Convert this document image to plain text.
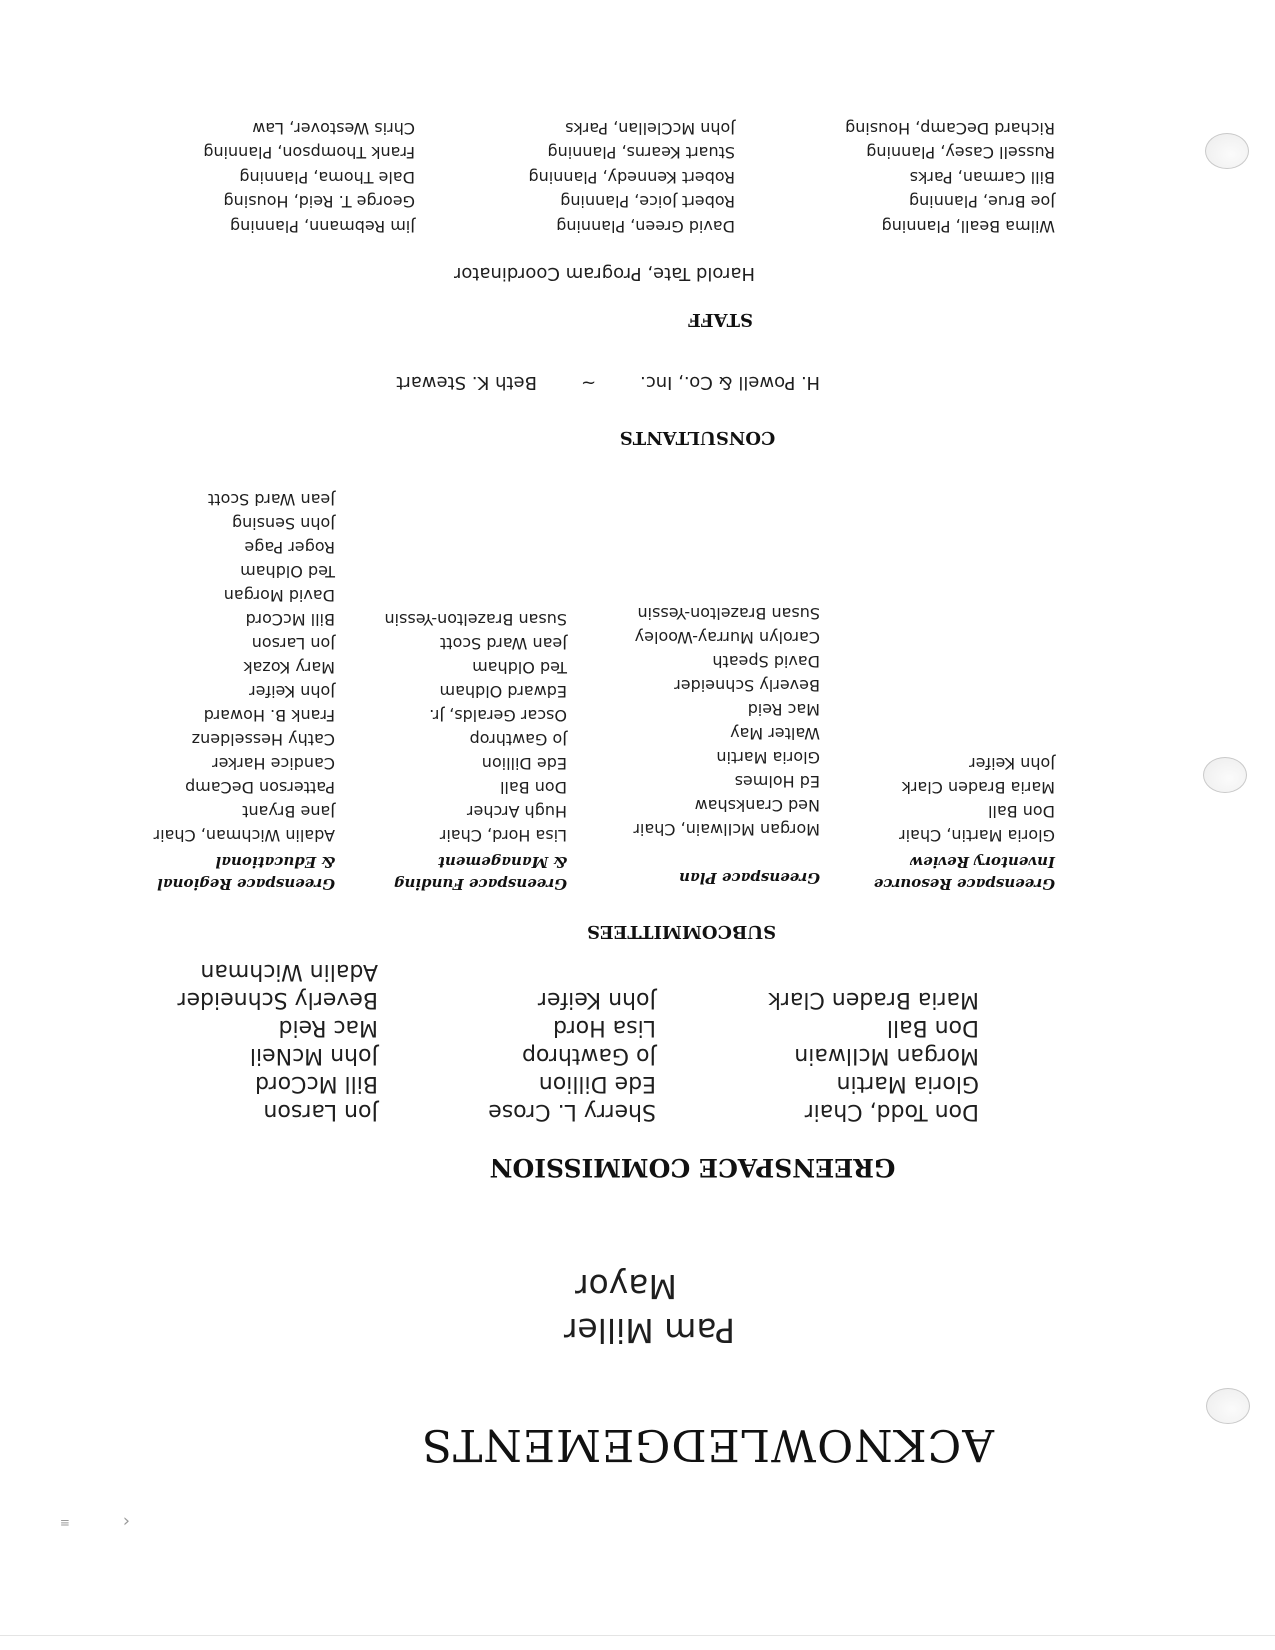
‹
≡
ACKNOWLEDGEMENTS
Pam Miller
Mayor
GREENSPACE COMMISSION
Don Todd, Chair
Gloria Martin
Morgan McIlwain
Don Ball
Maria Braden Clark
Sherry L. Crose
Ede Dillion
Jo Gawthrop
Lisa Hord
John Keifer
Jon Larson
Bill McCord
John McNeil
Mac Reid
Beverly Schneider
Adalin Wichman
SUBCOMMITTEES
Greenspace Resource
Inventory Review
Gloria Martin, Chair
Don Ball
Maria Braden Clark
John Keifer
Greenspace Plan
Morgan McIlwain, Chair
Ned Crankshaw
Ed Holmes
Gloria Martin
Walter May
Mac Reid
Beverly Schneider
David Speath
Carolyn Murray-Wooley
Susan Brazelton-Yessin
Greenspace Funding
& Management
Lisa Hord, Chair
Hugh Archer
Don Ball
Ede Dillion
Jo Gawthrop
Oscar Geralds, Jr.
Edward Oldham
Ted Oldham
Jean Ward Scott
Susan Brazelton-Yessin
Greenspace Regional
& Educational
Adalin Wichman, Chair
Jane Bryant
Patterson DeCamp
Candice Harker
Cathy Hesseldenz
Frank B. Howard
John Keifer
Mary Kozak
Jon Larson
Bill McCord
David Morgan
Ted Oldham
Roger Page
John Sensing
Jean Ward Scott
CONSULTANTS
H. Powell & Co., Inc.~Beth K. Stewart
STAFF
Harold Tate, Program Coordinator
Wilma Beall, Planning
Joe Brue, Planning
Bill Carman, Parks
Russell Casey, Planning
Richard DeCamp, Housing
David Green, Planning
Robert Joice, Planning
Robert Kennedy, Planning
Stuart Kearns, Planning
John McClellan, Parks
Jim Rebmann, Planning
George T. Reid, Housing
Dale Thoma, Planning
Frank Thompson, Planning
Chris Westover, Law
